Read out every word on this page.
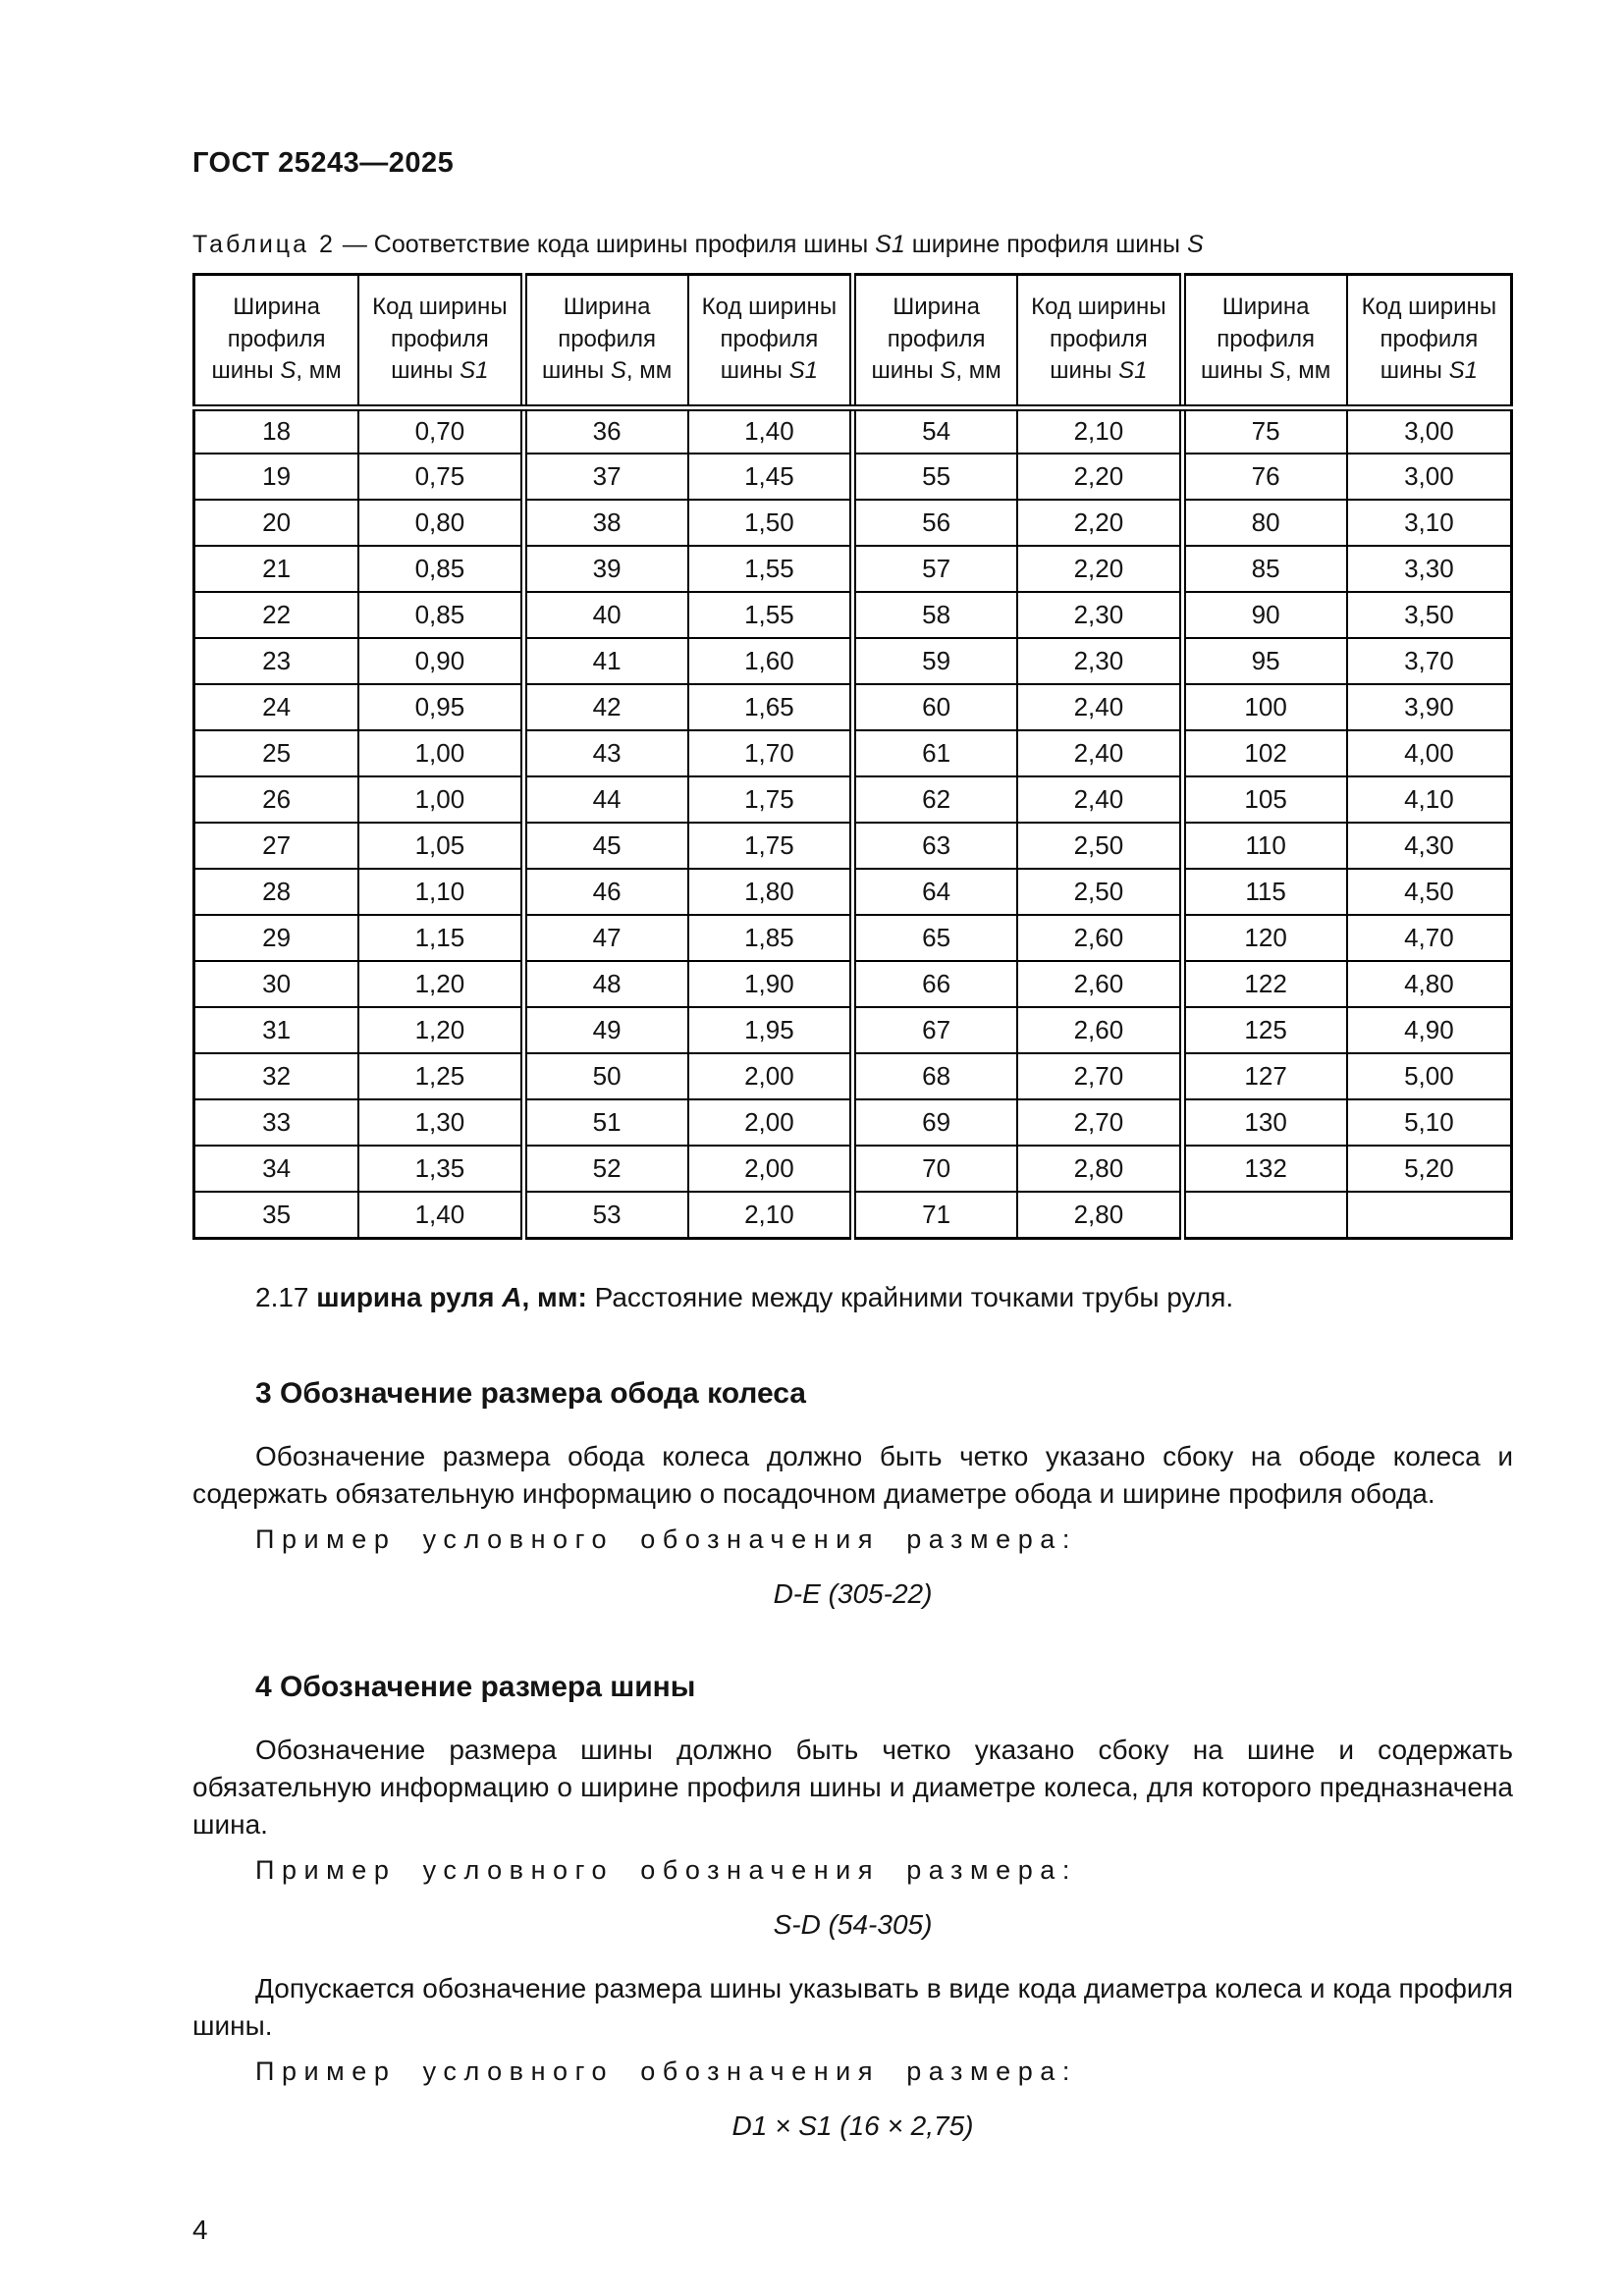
ГОСТ 25243—2025
Таблица 2 — Соответствие кода ширины профиля шины S1 ширине профиля шины S
Ширина
профиля
шины S, мм	Код ширины
профиля
шины S1	Ширина
профиля
шины S, мм	Код ширины
профиля
шины S1	Ширина
профиля
шины S, мм	Код ширины
профиля
шины S1	Ширина
профиля
шины S, мм	Код ширины
профиля
шины S1
18	0,70	36	1,40	54	2,10	75	3,00
19	0,75	37	1,45	55	2,20	76	3,00
20	0,80	38	1,50	56	2,20	80	3,10
21	0,85	39	1,55	57	2,20	85	3,30
22	0,85	40	1,55	58	2,30	90	3,50
23	0,90	41	1,60	59	2,30	95	3,70
24	0,95	42	1,65	60	2,40	100	3,90
25	1,00	43	1,70	61	2,40	102	4,00
26	1,00	44	1,75	62	2,40	105	4,10
27	1,05	45	1,75	63	2,50	110	4,30
28	1,10	46	1,80	64	2,50	115	4,50
29	1,15	47	1,85	65	2,60	120	4,70
30	1,20	48	1,90	66	2,60	122	4,80
31	1,20	49	1,95	67	2,60	125	4,90
32	1,25	50	2,00	68	2,70	127	5,00
33	1,30	51	2,00	69	2,70	130	5,10
34	1,35	52	2,00	70	2,80	132	5,20
35	1,40	53	2,10	71	2,80		

2.17 ширина руля А, мм: Расстояние между крайними точками трубы руля.

3 Обозначение размера обода колеса

Обозначение размера обода колеса должно быть четко указано сбоку на ободе колеса и содержать обязательную информацию о посадочном диаметре обода и ширине профиля обода.

Пример условного обозначения размера:

D-E (305-22)

4 Обозначение размера шины

Обозначение размера шины должно быть четко указано сбоку на шине и содержать обязательную информацию о ширине профиля шины и диаметре колеса, для которого предназначена шина.

Пример условного обозначения размера:

S-D (54-305)

Допускается обозначение размера шины указывать в виде кода диаметра колеса и кода профиля шины.

Пример условного обозначения размера:

D1 × S1 (16 × 2,75)

4
